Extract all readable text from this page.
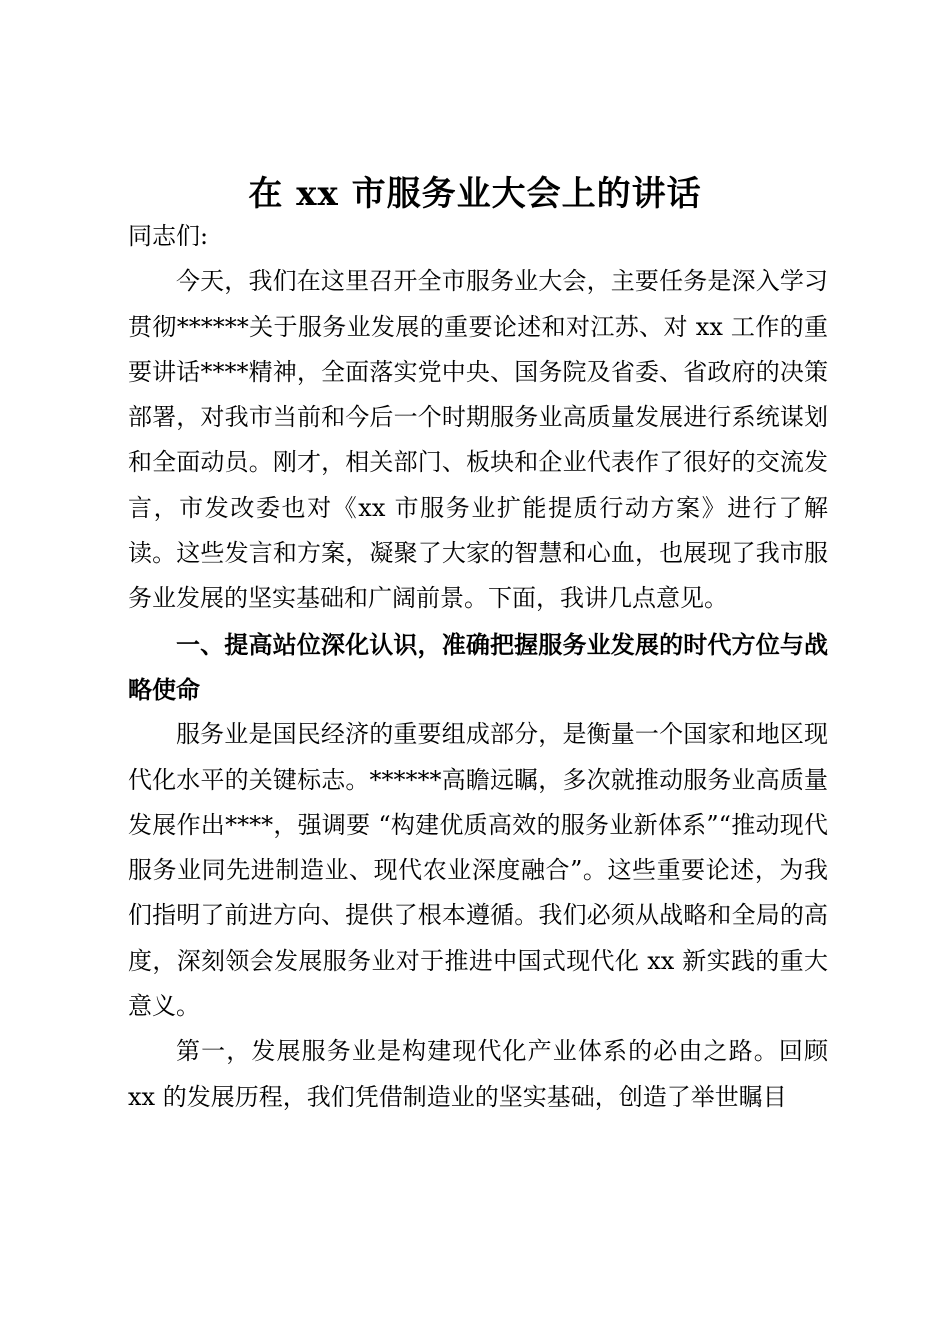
在 xx 市服务业大会上的讲话

同志们:

今天，我们在这里召开全市服务业大会，主要任务是深入学习贯彻******关于服务业发展的重要论述和对江苏、对 xx 工作的重要讲话****精神，全面落实党中央、国务院及省委、省政府的决策部署，对我市当前和今后一个时期服务业高质量发展进行系统谋划和全面动员。刚才，相关部门、板块和企业代表作了很好的交流发言，市发改委也对《xx 市服务业扩能提质行动方案》进行了解读。这些发言和方案，凝聚了大家的智慧和心血，也展现了我市服务业发展的坚实基础和广阔前景。下面，我讲几点意见。

一、提高站位深化认识，准确把握服务业发展的时代方位与战略使命

服务业是国民经济的重要组成部分，是衡量一个国家和地区现代化水平的关键标志。******高瞻远瞩，多次就推动服务业高质量发展作出****，强调要 “构建优质高效的服务业新体系”“推动现代服务业同先进制造业、现代农业深度融合”。这些重要论述，为我们指明了前进方向、提供了根本遵循。我们必须从战略和全局的高度，深刻领会发展服务业对于推进中国式现代化 xx 新实践的重大意义。

第一，发展服务业是构建现代化产业体系的必由之路。回顾 xx 的发展历程，我们凭借制造业的坚实基础，创造了举世瞩目
